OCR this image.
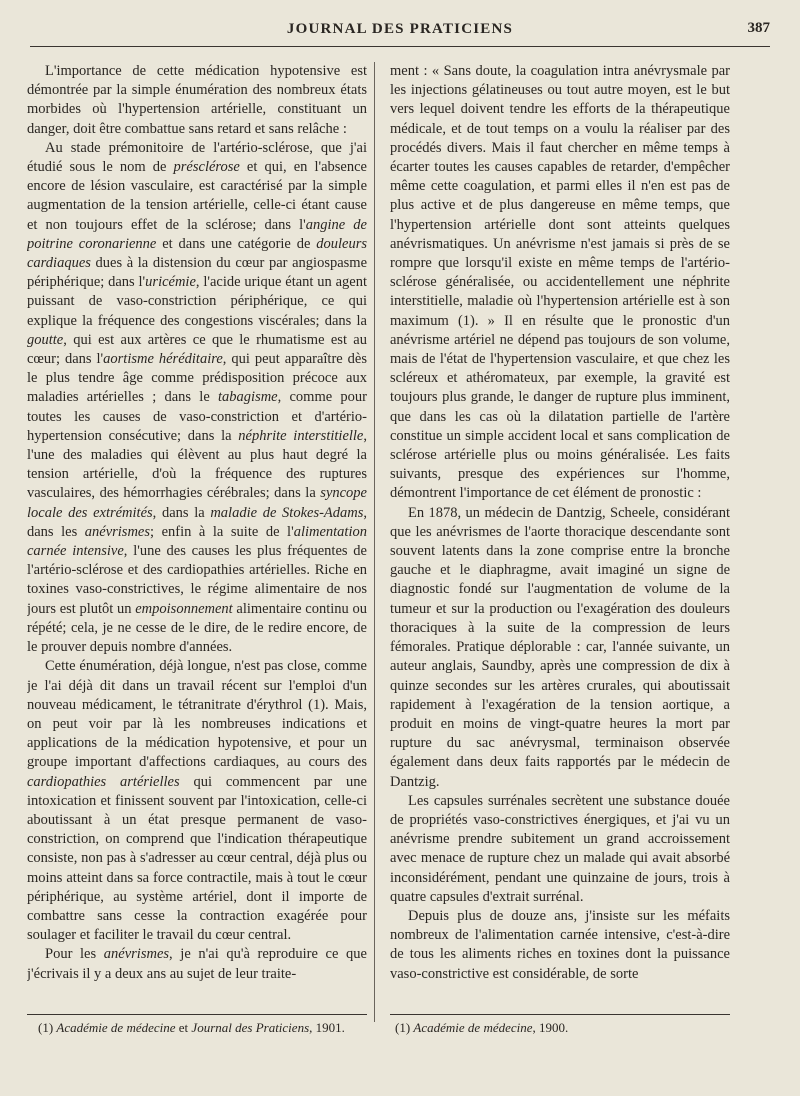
JOURNAL DES PRATICIENS	387

L'importance de cette médication hypotensive est démontrée par la simple énumération des nombreux états morbides où l'hypertension artérielle, constituant un danger, doit être combattue sans retard et sans relâche :

Au stade prémonitoire de l'artério-sclérose, que j'ai étudié sous le nom de présclérose et qui, en l'absence encore de lésion vasculaire, est caractérisé par la simple augmentation de la tension artérielle, celle-ci étant cause et non toujours effet de la sclérose; dans l'angine de poitrine coronarienne et dans une catégorie de douleurs cardiaques dues à la distension du cœur par angiospasme périphérique; dans l'uricémie, l'acide urique étant un agent puissant de vaso-constriction périphérique, ce qui explique la fréquence des congestions viscérales; dans la goutte, qui est aux artères ce que le rhumatisme est au cœur; dans l'aortisme héréditaire, qui peut apparaître dès le plus tendre âge comme prédisposition précoce aux maladies artérielles ; dans le tabagisme, comme pour toutes les causes de vaso-constriction et d'artério-hypertension consécutive; dans la néphrite interstitielle, l'une des maladies qui élèvent au plus haut degré la tension artérielle, d'où la fréquence des ruptures vasculaires, des hémorrhagies cérébrales; dans la syncope locale des extrémités, dans la maladie de Stokes-Adams, dans les anévrismes; enfin à la suite de l'alimentation carnée intensive, l'une des causes les plus fréquentes de l'artério-sclérose et des cardiopathies artérielles. Riche en toxines vaso-constrictives, le régime alimentaire de nos jours est plutôt un empoisonnement alimentaire continu ou répété; cela, je ne cesse de le dire, de le redire encore, de le prouver depuis nombre d'années.

Cette énumération, déjà longue, n'est pas close, comme je l'ai déjà dit dans un travail récent sur l'emploi d'un nouveau médicament, le tétranitrate d'érythrol (1). Mais, on peut voir par là les nombreuses indications et applications de la médication hypotensive, et pour un groupe important d'affections cardiaques, au cours des cardiopathies artérielles qui commencent par une intoxication et finissent souvent par l'intoxication, celle-ci aboutissant à un état presque permanent de vaso-constriction, on comprend que l'indication thérapeutique consiste, non pas à s'adresser au cœur central, déjà plus ou moins atteint dans sa force contractile, mais à tout le cœur périphérique, au système artériel, dont il importe de combattre sans cesse la contraction exagérée pour soulager et faciliter le travail du cœur central.

Pour les anévrismes, je n'ai qu'à reproduire ce que j'écrivais il y a deux ans au sujet de leur traite-

ment : « Sans doute, la coagulation intra anévrysmale par les injections gélatineuses ou tout autre moyen, est le but vers lequel doivent tendre les efforts de la thérapeutique médicale, et de tout temps on a voulu la réaliser par des procédés divers. Mais il faut chercher en même temps à écarter toutes les causes capables de retarder, d'empêcher même cette coagulation, et parmi elles il n'en est pas de plus active et de plus dangereuse en même temps, que l'hypertension artérielle dont sont atteints quelques anévrismatiques. Un anévrisme n'est jamais si près de se rompre que lorsqu'il existe en même temps de l'artério-sclérose généralisée, ou accidentellement une néphrite interstitielle, maladie où l'hypertension artérielle est à son maximum (1). » Il en résulte que le pronostic d'un anévrisme artériel ne dépend pas toujours de son volume, mais de l'état de l'hypertension vasculaire, et que chez les scléreux et athéromateux, par exemple, la gravité est toujours plus grande, le danger de rupture plus imminent, que dans les cas où la dilatation partielle de l'artère constitue un simple accident local et sans complication de sclérose artérielle plus ou moins généralisée. Les faits suivants, presque des expériences sur l'homme, démontrent l'importance de cet élément de pronostic :

En 1878, un médecin de Dantzig, Scheele, considérant que les anévrismes de l'aorte thoracique descendante sont souvent latents dans la zone comprise entre la bronche gauche et le diaphragme, avait imaginé un signe de diagnostic fondé sur l'augmentation de volume de la tumeur et sur la production ou l'exagération des douleurs thoraciques à la suite de la compression de leurs fémorales. Pratique déplorable : car, l'année suivante, un auteur anglais, Saundby, après une compression de dix à quinze secondes sur les artères crurales, qui aboutissait rapidement à l'exagération de la tension aortique, a produit en moins de vingt-quatre heures la mort par rupture du sac anévrysmal, terminaison observée également dans deux faits rapportés par le médecin de Dantzig.

Les capsules surrénales secrètent une substance douée de propriétés vaso-constrictives énergiques, et j'ai vu un anévrisme prendre subitement un grand accroissement avec menace de rupture chez un malade qui avait absorbé inconsidérément, pendant une quinzaine de jours, trois à quatre capsules d'extrait surrénal.

Depuis plus de douze ans, j'insiste sur les méfaits nombreux de l'alimentation carnée intensive, c'est-à-dire de tous les aliments riches en toxines dont la puissance vaso-constrictive est considérable, de sorte

(1) Académie de médecine et Journal des Praticiens, 1901.	(1) Académie de médecine, 1900.
